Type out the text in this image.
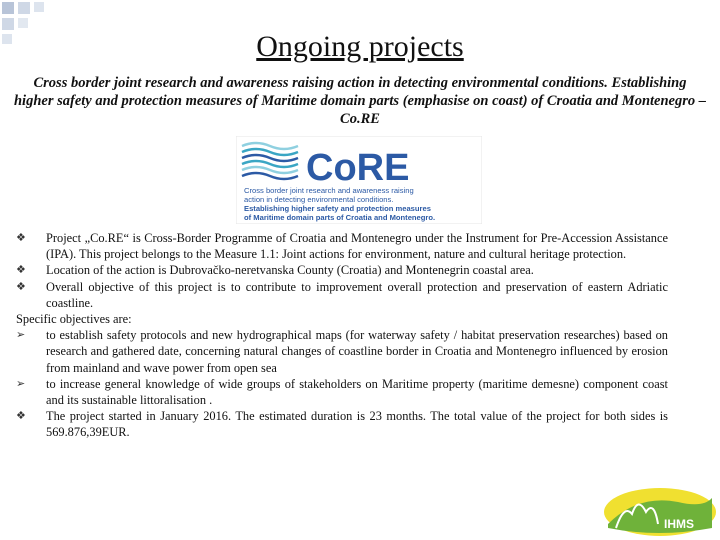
Ongoing projects
Cross border joint research and awareness raising action in detecting environmental conditions. Establishing higher safety and protection measures of Maritime domain parts (emphasise on coast) of Croatia and Montenegro – Co.RE
CoRE
Cross border joint research and awareness raising
action in detecting environmental conditions.
Establishing higher safety and protection measures
of Maritime domain parts of Croatia and Montenegro.
❖	Project „Co.RE“ is Cross-Border Programme of Croatia and Montenegro under the Instrument for Pre-Accession Assistance (IPA). This project belongs to the Measure 1.1: Joint actions for environment, nature and cultural heritage protection.
❖	Location of the action is Dubrovačko-neretvanska County (Croatia) and Montenegrin coastal area.
❖	Overall objective of this project is to contribute to improvement overall protection and preservation of eastern Adriatic coastline.
Specific objectives are:
➢	to establish safety protocols and new hydrographical maps (for waterway safety / habitat preservation researches) based on research and gathered date, concerning natural changes of coastline border in Croatia and Montenegro influenced by erosion from mainland and wave power from open sea
➢	to increase general knowledge of wide groups of stakeholders on Maritime property (maritime demesne) component coast and its sustainable littoralisation .
❖	The project started in January 2016. The estimated duration is 23 months. The total value of the project for both sides is 569.876,39EUR.
IHMS
